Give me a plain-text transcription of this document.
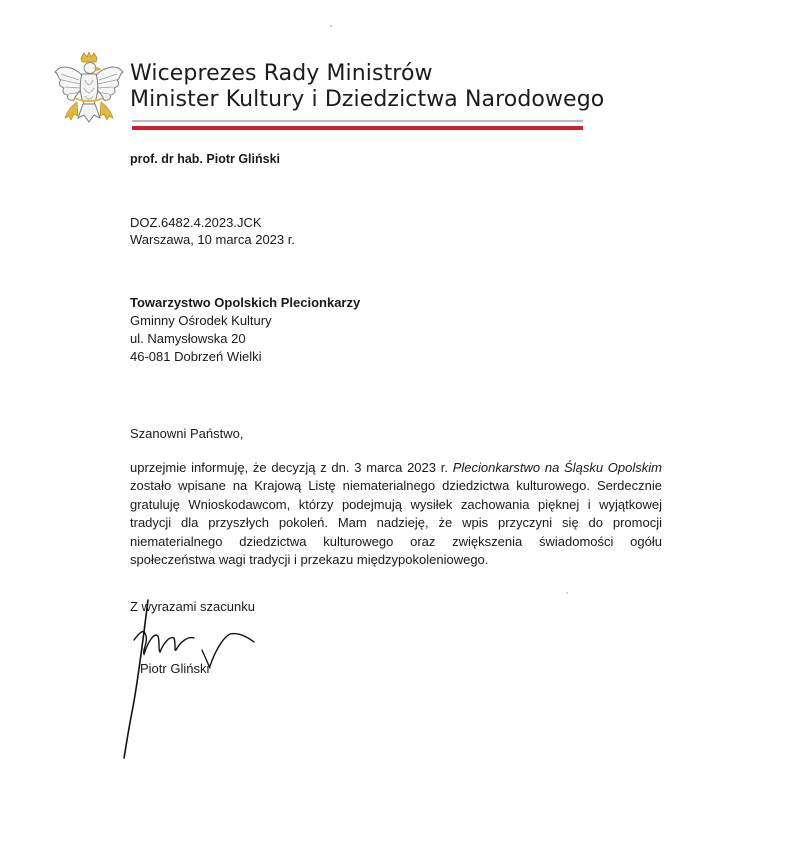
Wiceprezes Rady Ministrów
Minister Kultury i Dziedzictwa Narodowego
prof. dr hab. Piotr Gliński
DOZ.6482.4.2023.JCK
Warszawa, 10 marca 2023 r.
Towarzystwo Opolskich Plecionkarzy
Gminny Ośrodek Kultury
ul. Namysłowska 20
46-081 Dobrzeń Wielki
Szanowni Państwo,
uprzejmie informuję, że decyzją z dn. 3 marca 2023 r. Plecionkarstwo na Śląsku Opolskim zostało wpisane na Krajową Listę niematerialnego dziedzictwa kulturowego. Serdecznie gratuluję Wnioskodawcom, którzy podejmują wysiłek zachowania pięknej i wyjątkowej tradycji dla przyszłych pokoleń. Mam nadzieję, że wpis przyczyni się do promocji niematerialnego dziedzictwa kulturowego oraz zwiększenia świadomości ogółu społeczeństwa wagi tradycji i przekazu międzypokoleniowego.
Z wyrazami szacunku
Piotr Gliński
